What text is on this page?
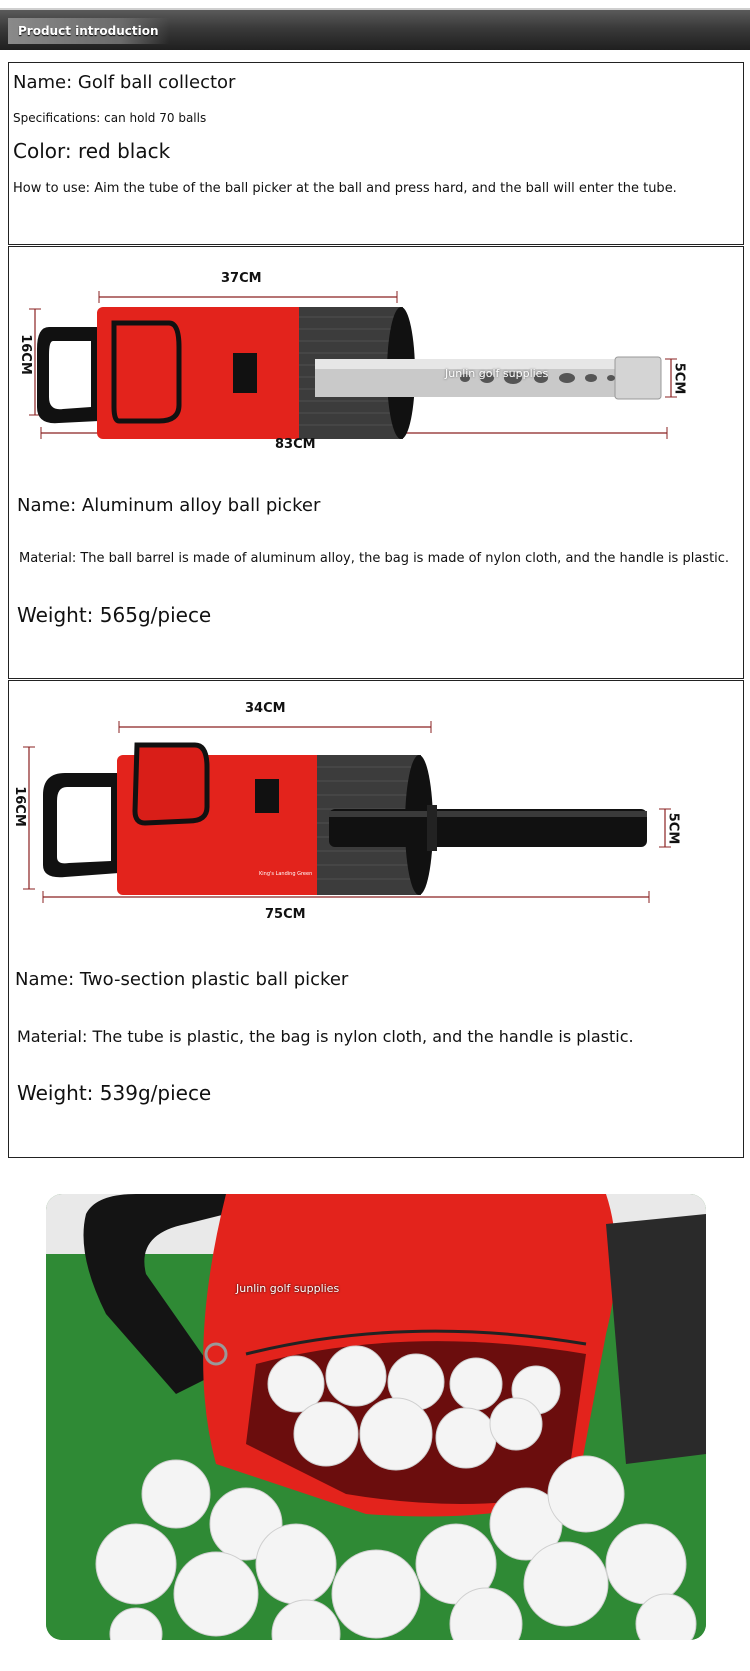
Product introduction
Name: Golf ball collector
Specifications: can hold 70 balls
Color: red black
How to use: Aim the tube of the ball picker at the ball and press hard, and the ball will enter the tube.
37CM
16CM
5CM
83CM
Junlin golf supplies
Name: Aluminum alloy ball picker
Material: The ball barrel is made of aluminum alloy, the bag is made of nylon cloth, and the handle is plastic.
Weight: 565g/piece
34CM
16CM
5CM
75CM
King's Landing Green
Name: Two-section plastic ball picker
Material: The tube is plastic, the bag is nylon cloth, and the handle is plastic.
Weight: 539g/piece
Junlin golf supplies
